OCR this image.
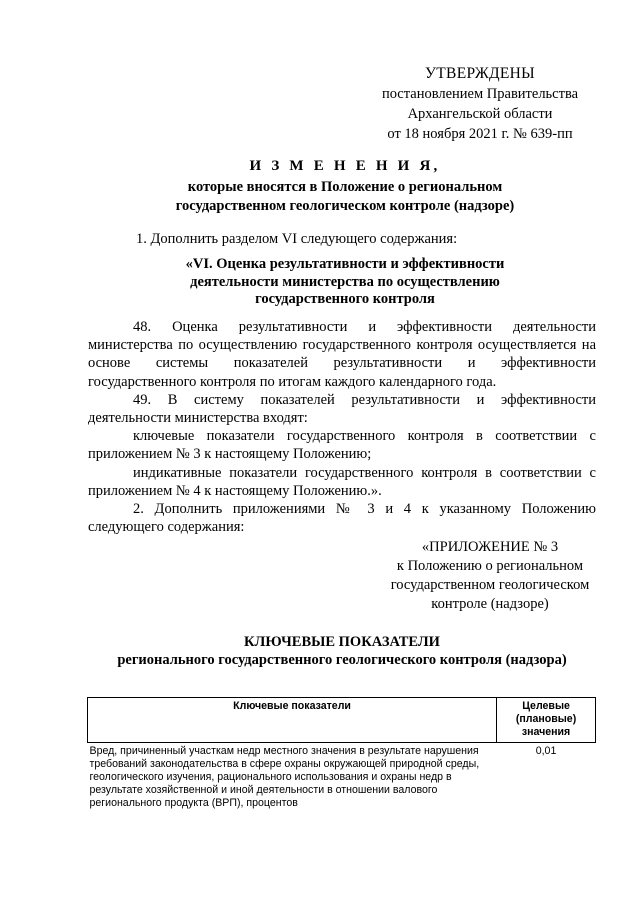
УТВЕРЖДЕНЫ
постановлением Правительства
Архангельской области
от 18 ноября 2021 г. № 639-пп
И З М Е Н Е Н И Я,
которые вносятся в Положение о региональном
государственном геологическом контроле (надзоре)
1. Дополнить разделом VI следующего содержания:
«VI. Оценка результативности и эффективности
деятельности министерства по осуществлению
государственного контроля

48. Оценка результативности и эффективности деятельности министерства по осуществлению государственного контроля осуществляется на основе системы показателей результативности и эффективности государственного контроля по итогам каждого календарного года.

49. В систему показателей результативности и эффективности деятельности министерства входят:

ключевые показатели государственного контроля в соответствии с приложением № 3 к настоящему Положению;

индикативные показатели государственного контроля в соответствии с приложением № 4 к настоящему Положению.».

2. Дополнить приложениями № 3 и 4 к указанному Положению следующего содержания:

«ПРИЛОЖЕНИЕ № 3
к Положению о региональном
государственном геологическом
контроле (надзоре)
КЛЮЧЕВЫЕ ПОКАЗАТЕЛИ
регионального государственного геологического контроля (надзора)
Ключевые показатели	Целевые (плановые) значения
Вред, причиненный участкам недр местного значения в результате нарушения требований законодательства в сфере охраны окружающей природной среды, геологического изучения, рационального использования и охраны недр в результате хозяйственной и иной деятельности в отношении валового регионального продукта (ВРП), процентов	0,01
